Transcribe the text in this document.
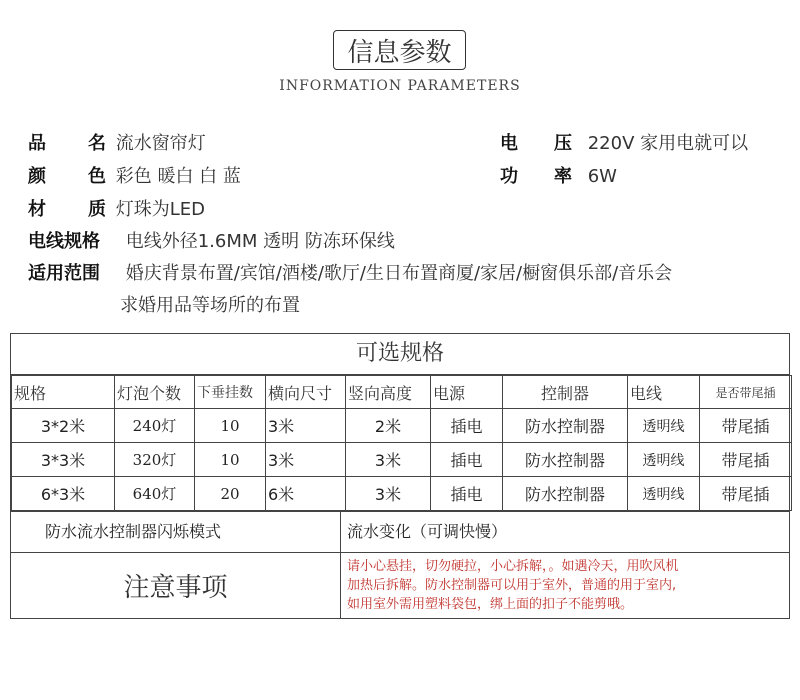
信息参数
INFORMATION PARAMETERS
品 名 流水窗帘灯	电 压 220V 家用电就可以
颜 色 彩色 暖白 白 蓝	功 率 6W
材 质 灯珠为LED
电线规格 电线外径1.6MM 透明 防冻环保线
适用范围 婚庆背景布置/宾馆/酒楼/歌厅/生日布置商厦/家居/橱窗俱乐部/音乐会
求婚用品等场所的布置
可选规格
规格	灯泡个数	下垂挂数	横向尺寸	竖向高度	电源	控制器	电线	是否带尾插
3*2米	240灯	10	3米	2米	插电	防水控制器	透明线	带尾插
3*3米	320灯	10	3米	3米	插电	防水控制器	透明线	带尾插
6*3米	640灯	20	6米	3米	插电	防水控制器	透明线	带尾插
防水流水控制器闪烁模式	流水变化（可调快慢）
注意事项
请小心悬挂，切勿硬拉，小心拆解，。如遇冷天，用吹风机
加热后拆解。防水控制器可以用于室外，普通的用于室内,
如用室外需用塑料袋包，绑上面的扣子不能剪哦。
